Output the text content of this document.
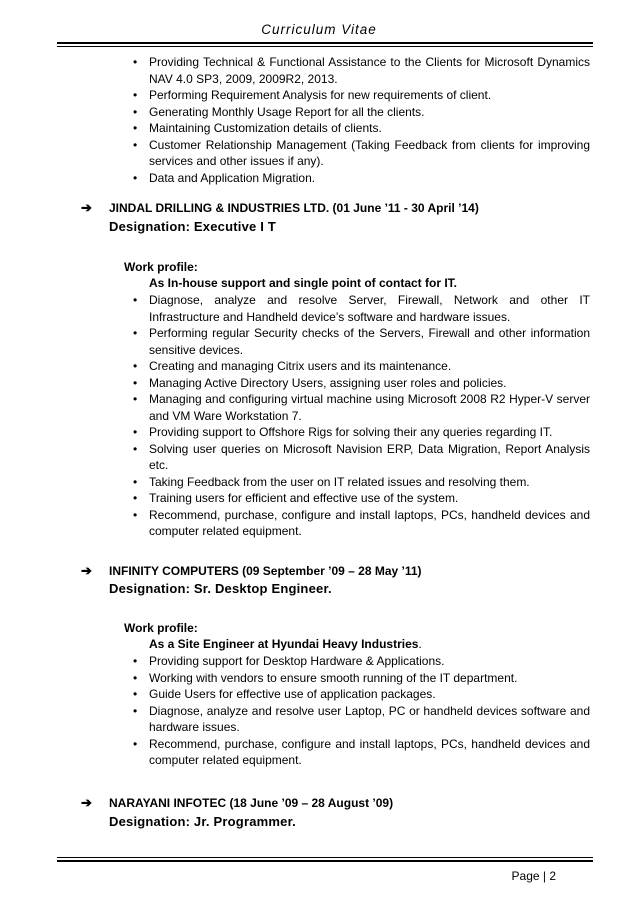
Curriculum Vitae
• Providing Technical & Functional Assistance to the Clients for Microsoft Dynamics NAV 4.0 SP3, 2009, 2009R2, 2013.
• Performing Requirement Analysis for new requirements of client.
• Generating Monthly Usage Report for all the clients.
• Maintaining Customization details of clients.
• Customer Relationship Management (Taking Feedback from clients for improving services and other issues if any).
• Data and Application Migration.
➔ JINDAL DRILLING & INDUSTRIES LTD. (01 June ’11 - 30 April ’14)
Designation: Executive I T
Work profile:
As In-house support and single point of contact for IT.
• Diagnose, analyze and resolve Server, Firewall, Network and other IT Infrastructure and Handheld device’s software and hardware issues.
• Performing regular Security checks of the Servers, Firewall and other information sensitive devices.
• Creating and managing Citrix users and its maintenance.
• Managing Active Directory Users, assigning user roles and policies.
• Managing and configuring virtual machine using Microsoft 2008 R2 Hyper-V server and VM Ware Workstation 7.
• Providing support to Offshore Rigs for solving their any queries regarding IT.
• Solving user queries on Microsoft Navision ERP, Data Migration, Report Analysis etc.
• Taking Feedback from the user on IT related issues and resolving them.
• Training users for efficient and effective use of the system.
• Recommend, purchase, configure and install laptops, PCs, handheld devices and computer related equipment.
➔ INFINITY COMPUTERS (09 September ’09 – 28 May ’11)
Designation: Sr. Desktop Engineer.
Work profile:
As a Site Engineer at Hyundai Heavy Industries.
• Providing support for Desktop Hardware & Applications.
• Working with vendors to ensure smooth running of the IT department.
• Guide Users for effective use of application packages.
• Diagnose, analyze and resolve user Laptop, PC or handheld devices software and hardware issues.
• Recommend, purchase, configure and install laptops, PCs, handheld devices and computer related equipment.
➔ NARAYANI INFOTEC (18 June ’09 – 28 August ’09)
Designation: Jr. Programmer.
Page | 2
